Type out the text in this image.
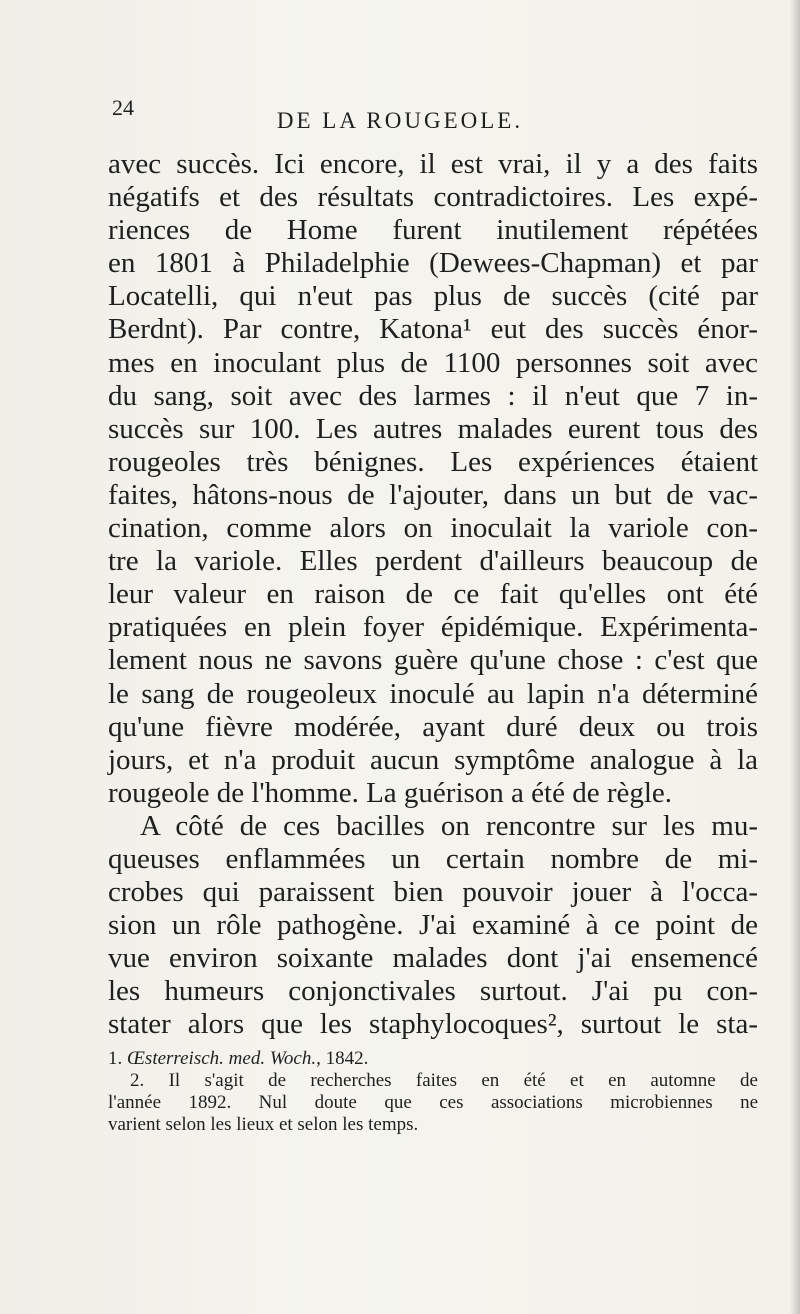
24
DE LA ROUGEOLE.
avec succès. Ici encore, il est vrai, il y a des faits
négatifs et des résultats contradictoires. Les expé-
riences de Home furent inutilement répétées
en 1801 à Philadelphie (Dewees-Chapman) et par
Locatelli, qui n'eut pas plus de succès (cité par
Berdnt). Par contre, Katona¹ eut des succès énor-
mes en inoculant plus de 1100 personnes soit avec
du sang, soit avec des larmes : il n'eut que 7 in-
succès sur 100. Les autres malades eurent tous des
rougeoles très bénignes. Les expériences étaient
faites, hâtons-nous de l'ajouter, dans un but de vac-
cination, comme alors on inoculait la variole con-
tre la variole. Elles perdent d'ailleurs beaucoup de
leur valeur en raison de ce fait qu'elles ont été
pratiquées en plein foyer épidémique. Expérimenta-
lement nous ne savons guère qu'une chose : c'est que
le sang de rougeoleux inoculé au lapin n'a déterminé
qu'une fièvre modérée, ayant duré deux ou trois
jours, et n'a produit aucun symptôme analogue à la
rougeole de l'homme. La guérison a été de règle.
A côté de ces bacilles on rencontre sur les mu-
queuses enflammées un certain nombre de mi-
crobes qui paraissent bien pouvoir jouer à l'occa-
sion un rôle pathogène. J'ai examiné à ce point de
vue environ soixante malades dont j'ai ensemencé
les humeurs conjonctivales surtout. J'ai pu con-
stater alors que les staphylocoques², surtout le sta-
1. Œsterreisch. med. Woch., 1842.
2. Il s'agit de recherches faites en été et en automne de
l'année 1892. Nul doute que ces associations microbiennes ne
varient selon les lieux et selon les temps.
